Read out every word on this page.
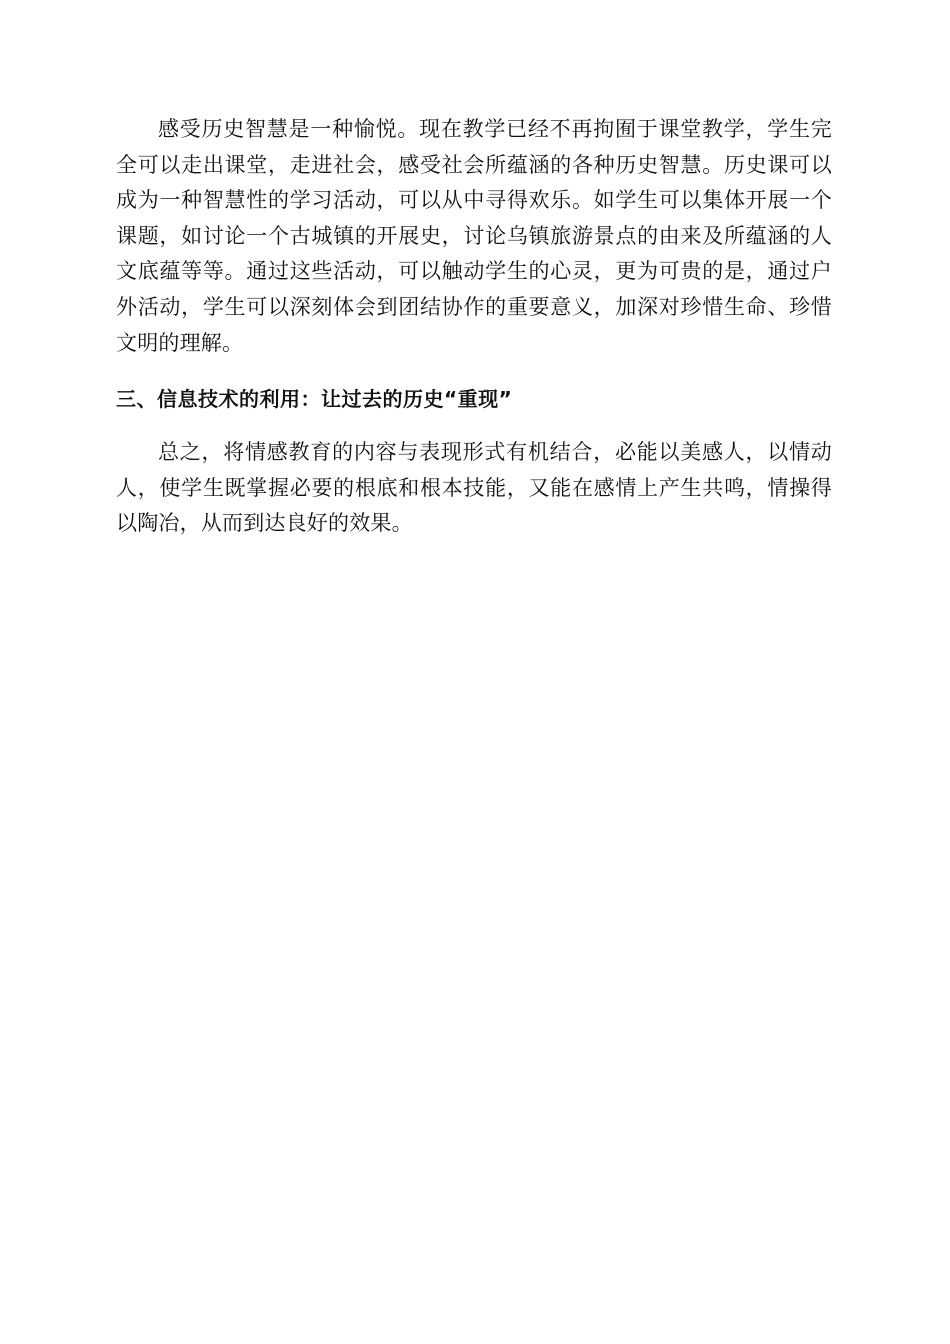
感受历史智慧是一种愉悦。现在教学已经不再拘囿于课堂教学，学生完全可以走出课堂，走进社会，感受社会所蕴涵的各种历史智慧。历史课可以成为一种智慧性的学习活动，可以从中寻得欢乐。如学生可以集体开展一个课题，如讨论一个古城镇的开展史，讨论乌镇旅游景点的由来及所蕴涵的人文底蕴等等。通过这些活动，可以触动学生的心灵，更为可贵的是，通过户外活动，学生可以深刻体会到团结协作的重要意义，加深对珍惜生命、珍惜文明的理解。

三、信息技术的利用：让过去的历史“重现”

总之，将情感教育的内容与表现形式有机结合，必能以美感人，以情动人，使学生既掌握必要的根底和根本技能，又能在感情上产生共鸣，情操得以陶冶，从而到达良好的效果。
